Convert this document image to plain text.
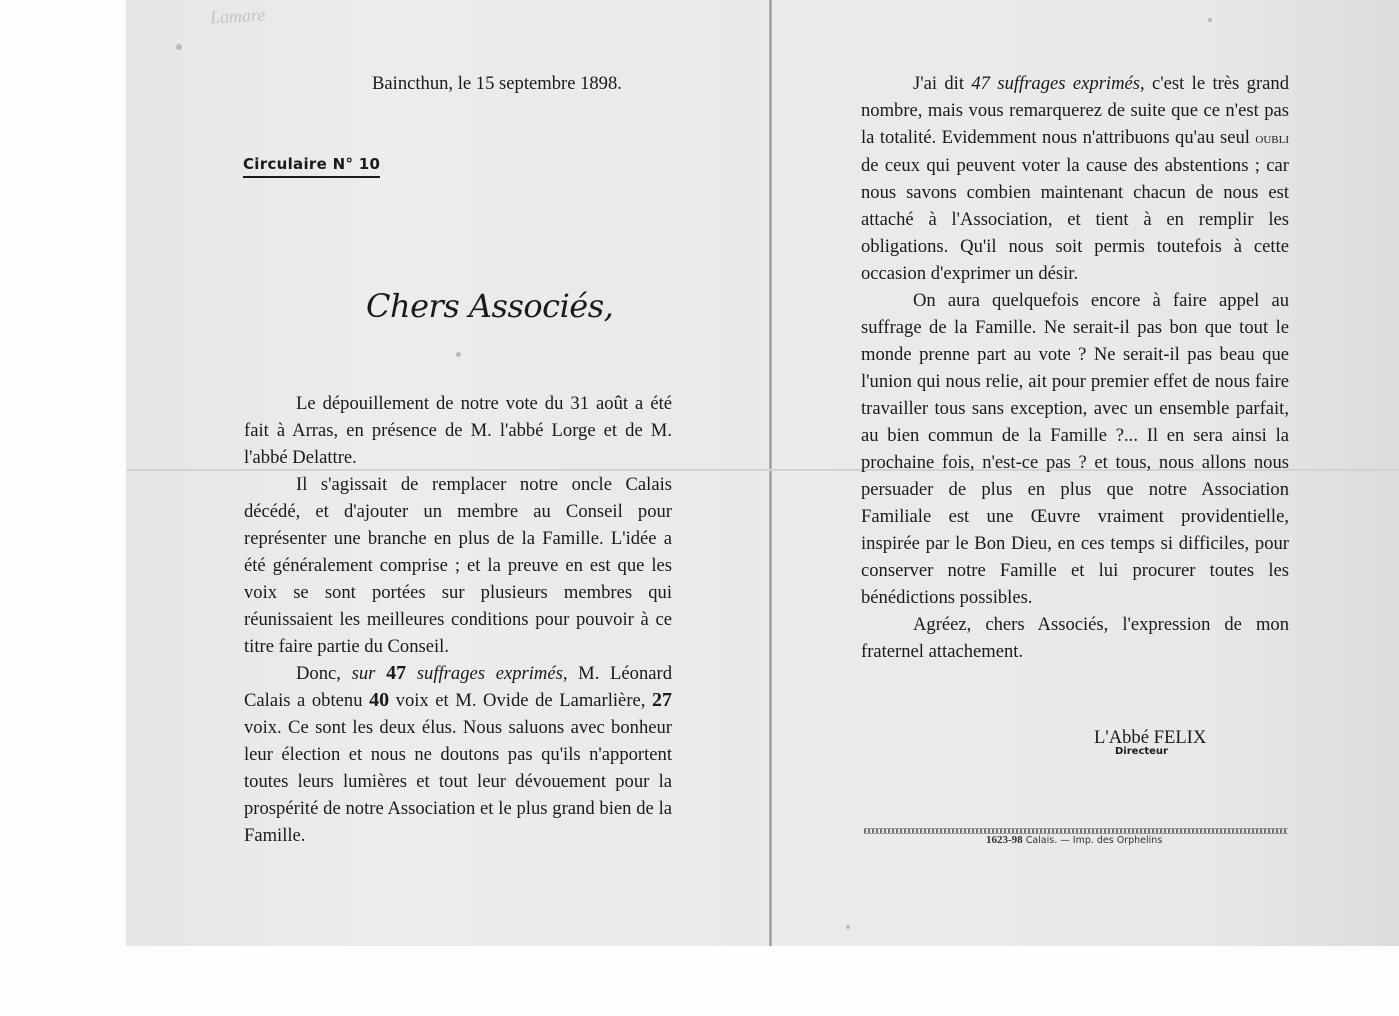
Lamare
Baincthun, le 15 septembre 1898.
Circulaire N° 10
Chers Associés,

Le dépouillement de notre vote du 31 août a été fait à Arras, en présence de M. l'abbé Lorge et de M. l'abbé Delattre.

Il s'agissait de remplacer notre oncle Calais décédé, et d'ajouter un membre au Conseil pour représenter une branche en plus de la Famille. L'idée a été généralement comprise ; et la preuve en est que les voix se sont portées sur plusieurs membres qui réunissaient les meilleures conditions pour pouvoir à ce titre faire partie du Conseil.

Donc, sur 47 suffrages exprimés, M. Léonard Calais a obtenu 40 voix et M. Ovide de Lamarlière, 27 voix. Ce sont les deux élus. Nous saluons avec bonheur leur élection et nous ne doutons pas qu'ils n'apportent toutes leurs lumières et tout leur dévouement pour la prospérité de notre Association et le plus grand bien de la Famille.

J'ai dit 47 suffrages exprimés, c'est le très grand nombre, mais vous remarquerez de suite que ce n'est pas la totalité. Evidemment nous n'attribuons qu'au seul oubli de ceux qui peuvent voter la cause des abstentions ; car nous savons combien maintenant chacun de nous est attaché à l'Association, et tient à en remplir les obligations. Qu'il nous soit permis toutefois à cette occasion d'exprimer un désir.

On aura quelquefois encore à faire appel au suffrage de la Famille. Ne serait-il pas bon que tout le monde prenne part au vote ? Ne serait-il pas beau que l'union qui nous relie, ait pour premier effet de nous faire travailler tous sans exception, avec un ensemble parfait, au bien commun de la Famille ?... Il en sera ainsi la prochaine fois, n'est-ce pas ? et tous, nous allons nous persuader de plus en plus que notre Association Familiale est une Œuvre vraiment providentielle, inspirée par le Bon Dieu, en ces temps si difficiles, pour conserver notre Famille et lui procurer toutes les bénédictions possibles.

Agréez, chers Associés, l'expression de mon fraternel attachement.

L'Abbé FELIX
Directeur
1623-98 Calais. — Imp. des Orphelins
